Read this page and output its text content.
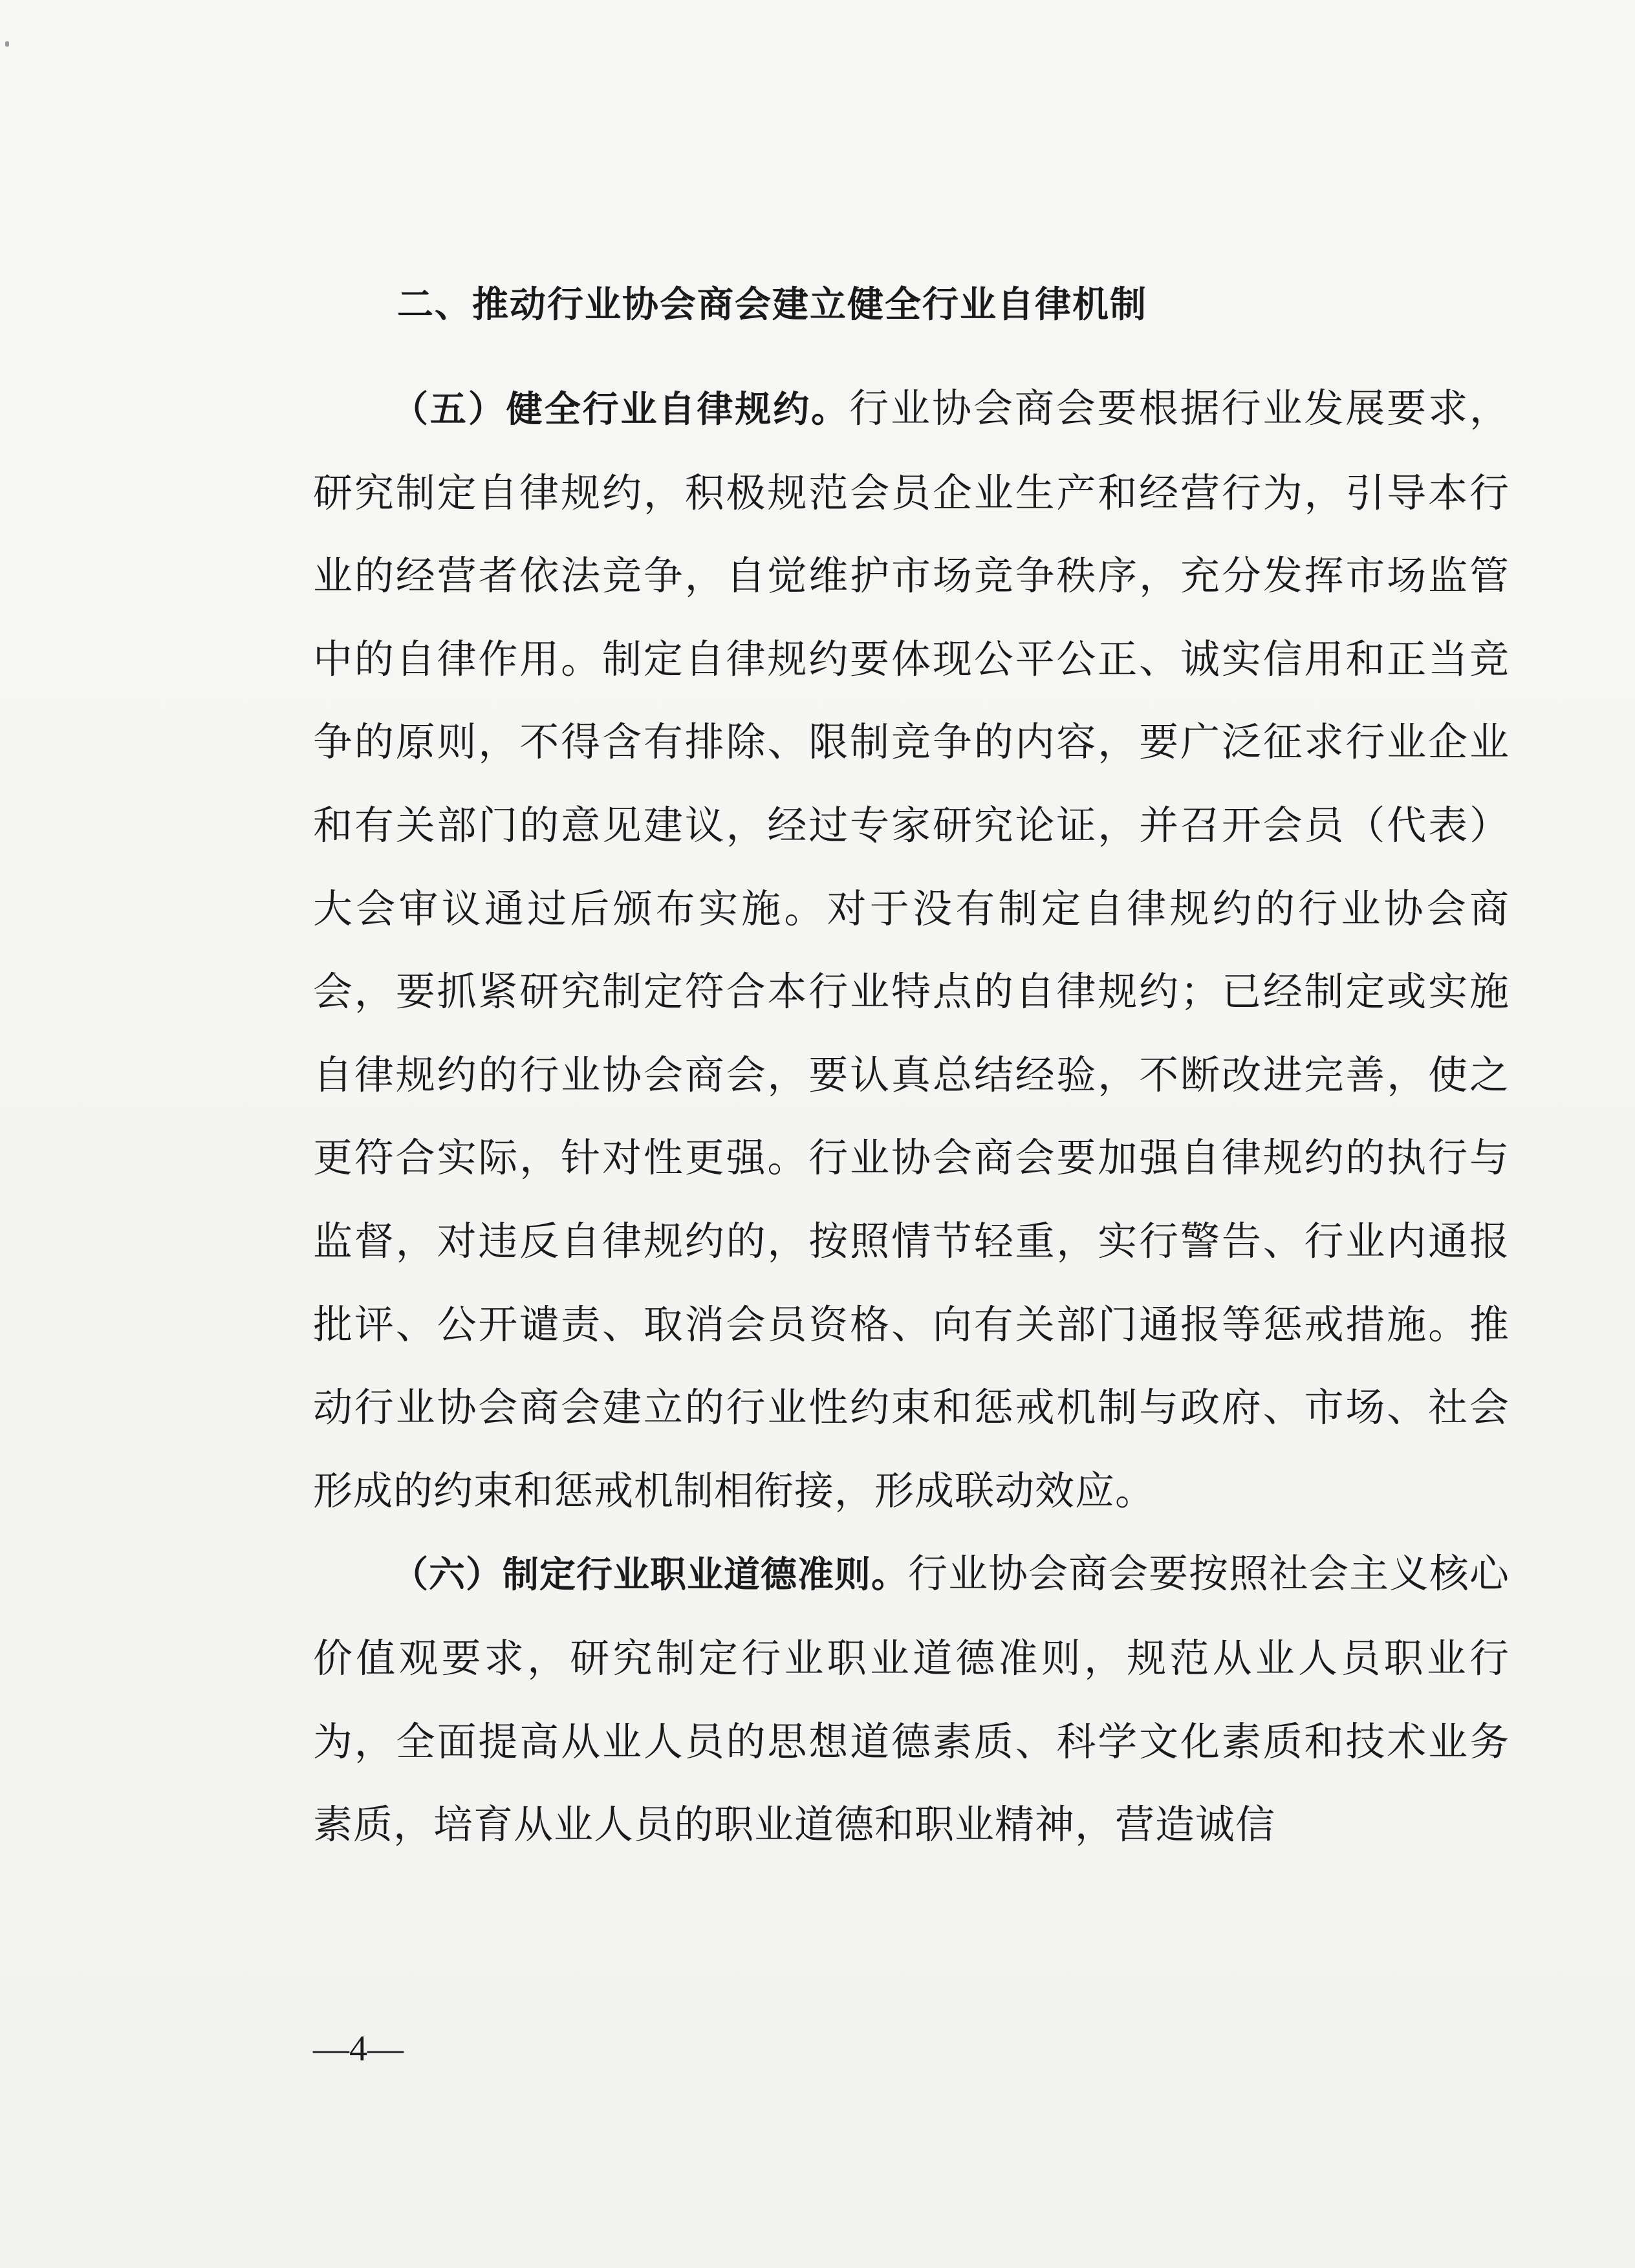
二、推动行业协会商会建立健全行业自律机制

（五）健全行业自律规约。行业协会商会要根据行业发展要求，研究制定自律规约，积极规范会员企业生产和经营行为，引导本行业的经营者依法竞争，自觉维护市场竞争秩序，充分发挥市场监管中的自律作用。制定自律规约要体现公平公正、诚实信用和正当竞争的原则，不得含有排除、限制竞争的内容，要广泛征求行业企业和有关部门的意见建议，经过专家研究论证，并召开会员（代表）大会审议通过后颁布实施。对于没有制定自律规约的行业协会商会，要抓紧研究制定符合本行业特点的自律规约；已经制定或实施自律规约的行业协会商会，要认真总结经验，不断改进完善，使之更符合实际，针对性更强。行业协会商会要加强自律规约的执行与监督，对违反自律规约的，按照情节轻重，实行警告、行业内通报批评、公开谴责、取消会员资格、向有关部门通报等惩戒措施。推动行业协会商会建立的行业性约束和惩戒机制与政府、市场、社会形成的约束和惩戒机制相衔接，形成联动效应。

（六）制定行业职业道德准则。行业协会商会要按照社会主义核心价值观要求，研究制定行业职业道德准则，规范从业人员职业行为，全面提高从业人员的思想道德素质、科学文化素质和技术业务素质，培育从业人员的职业道德和职业精神，营造诚信

—4—
